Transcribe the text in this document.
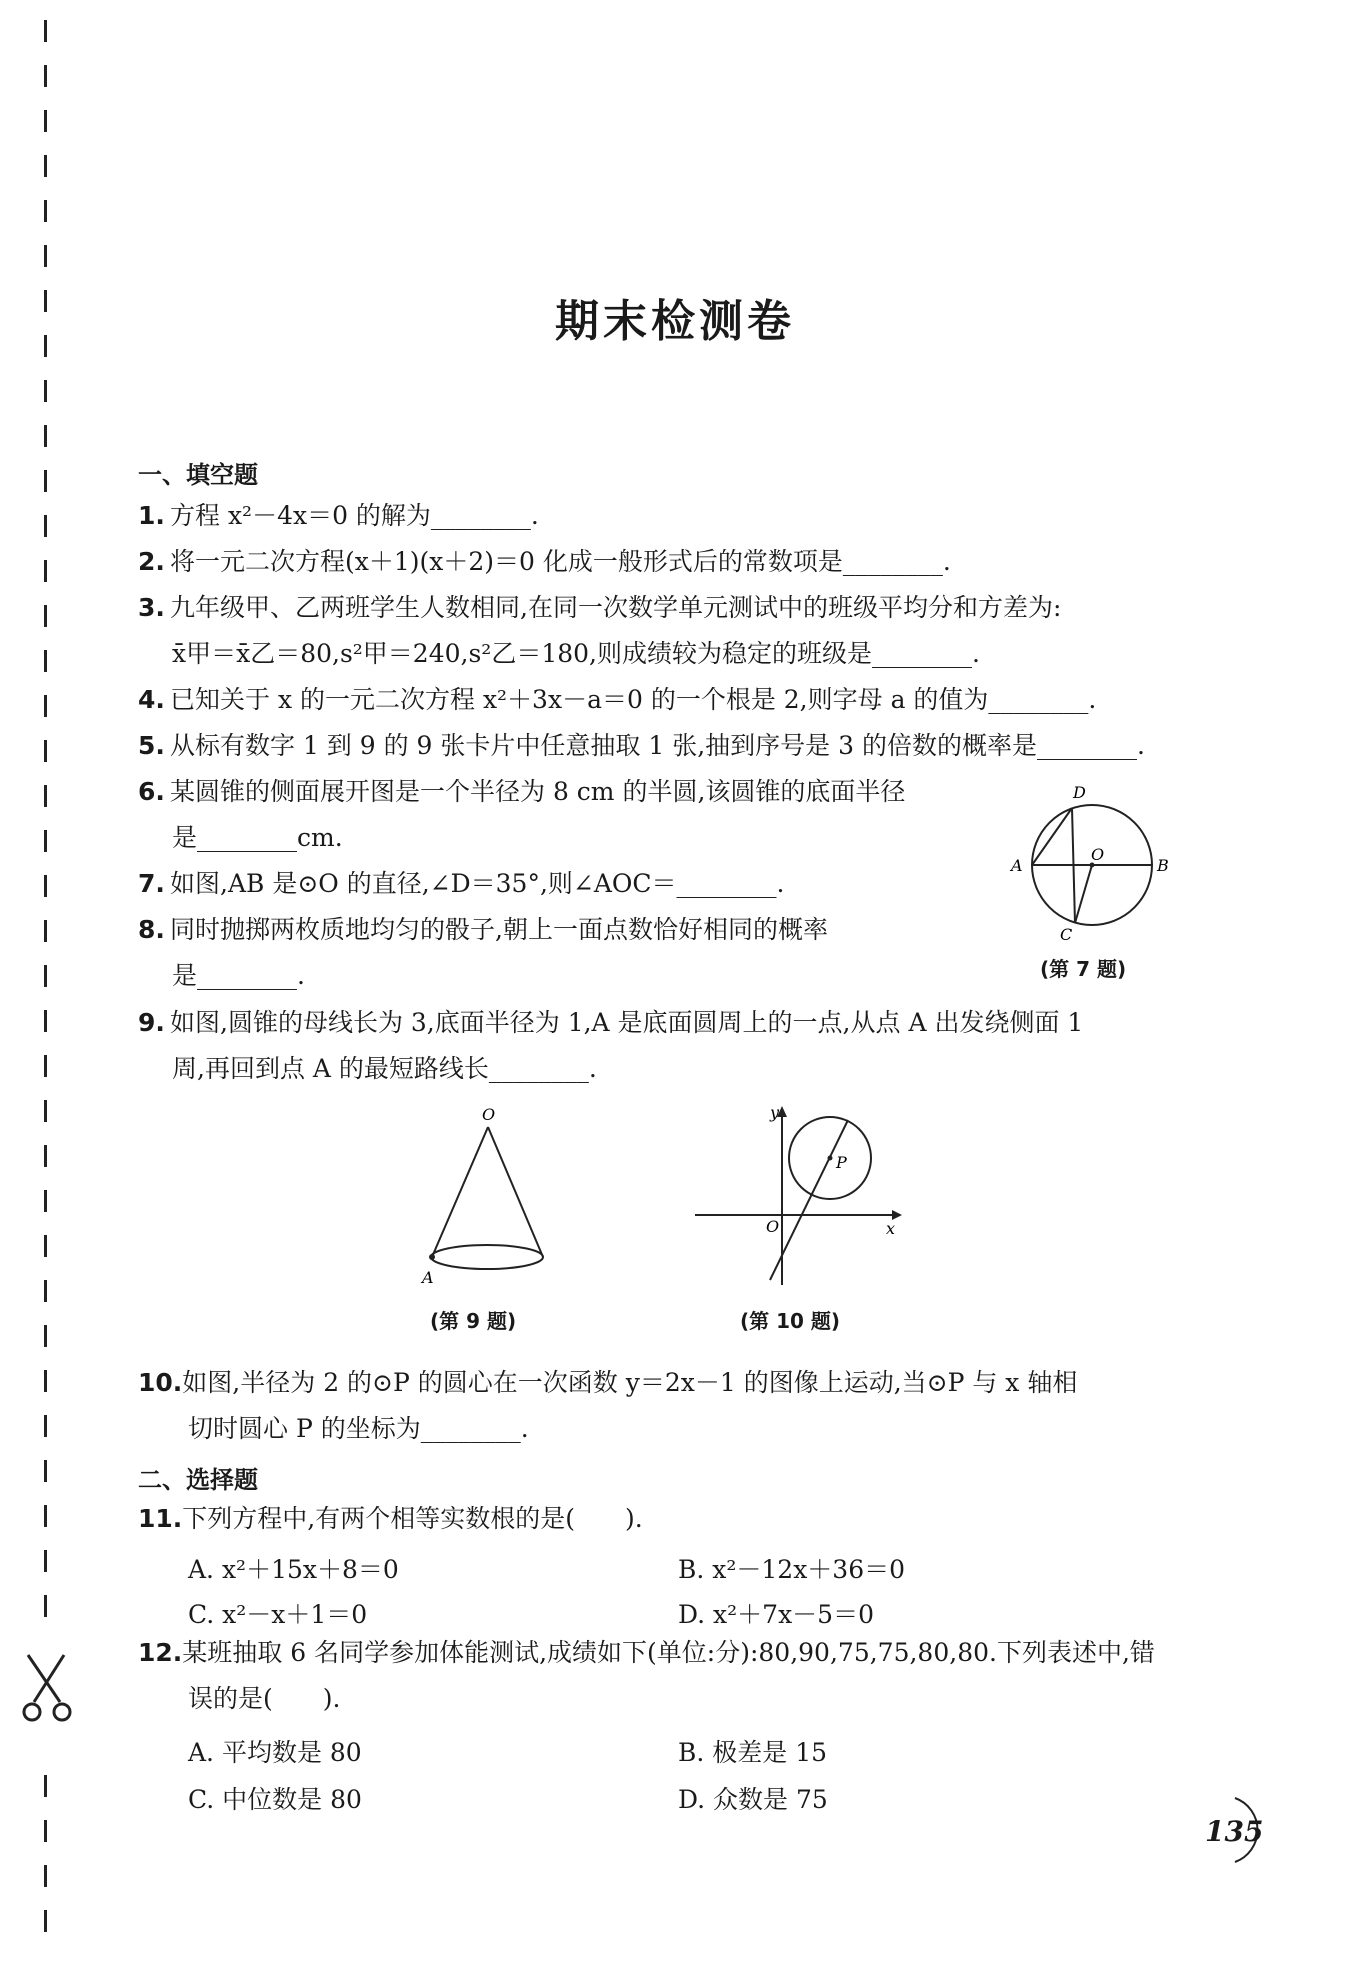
期末检测卷
一、填空题
1. 方程 x²－4x＝0 的解为________.
2. 将一元二次方程(x＋1)(x＋2)＝0 化成一般形式后的常数项是________.
3. 九年级甲、乙两班学生人数相同,在同一次数学单元测试中的班级平均分和方差为:
x̄甲＝x̄乙＝80,s²甲＝240,s²乙＝180,则成绩较为稳定的班级是________.
4. 已知关于 x 的一元二次方程 x²＋3x－a＝0 的一个根是 2,则字母 a 的值为________.
5. 从标有数字 1 到 9 的 9 张卡片中任意抽取 1 张,抽到序号是 3 的倍数的概率是________.
6. 某圆锥的侧面展开图是一个半径为 8 cm 的半圆,该圆锥的底面半径
是________cm.
7. 如图,AB 是⊙O 的直径,∠D＝35°,则∠AOC＝________.
8. 同时抛掷两枚质地均匀的骰子,朝上一面点数恰好相同的概率
是________.
D
O
A	B
C
(第 7 题)
9. 如图,圆锥的母线长为 3,底面半径为 1,A 是底面圆周上的一点,从点 A 出发绕侧面 1
周,再回到点 A 的最短路线长________.
O
A
(第 9 题)
y
P
O	x
(第 10 题)
10.如图,半径为 2 的⊙P 的圆心在一次函数 y＝2x－1 的图像上运动,当⊙P 与 x 轴相
切时圆心 P 的坐标为________.
二、选择题
11.下列方程中,有两个相等实数根的是(　　).
A. x²＋15x＋8＝0	B. x²－12x＋36＝0
C. x²－x＋1＝0	D. x²＋7x－5＝0
12.某班抽取 6 名同学参加体能测试,成绩如下(单位:分):80,90,75,75,80,80.下列表述中,错
误的是(　　).
A. 平均数是 80	B. 极差是 15
C. 中位数是 80	D. 众数是 75
135
